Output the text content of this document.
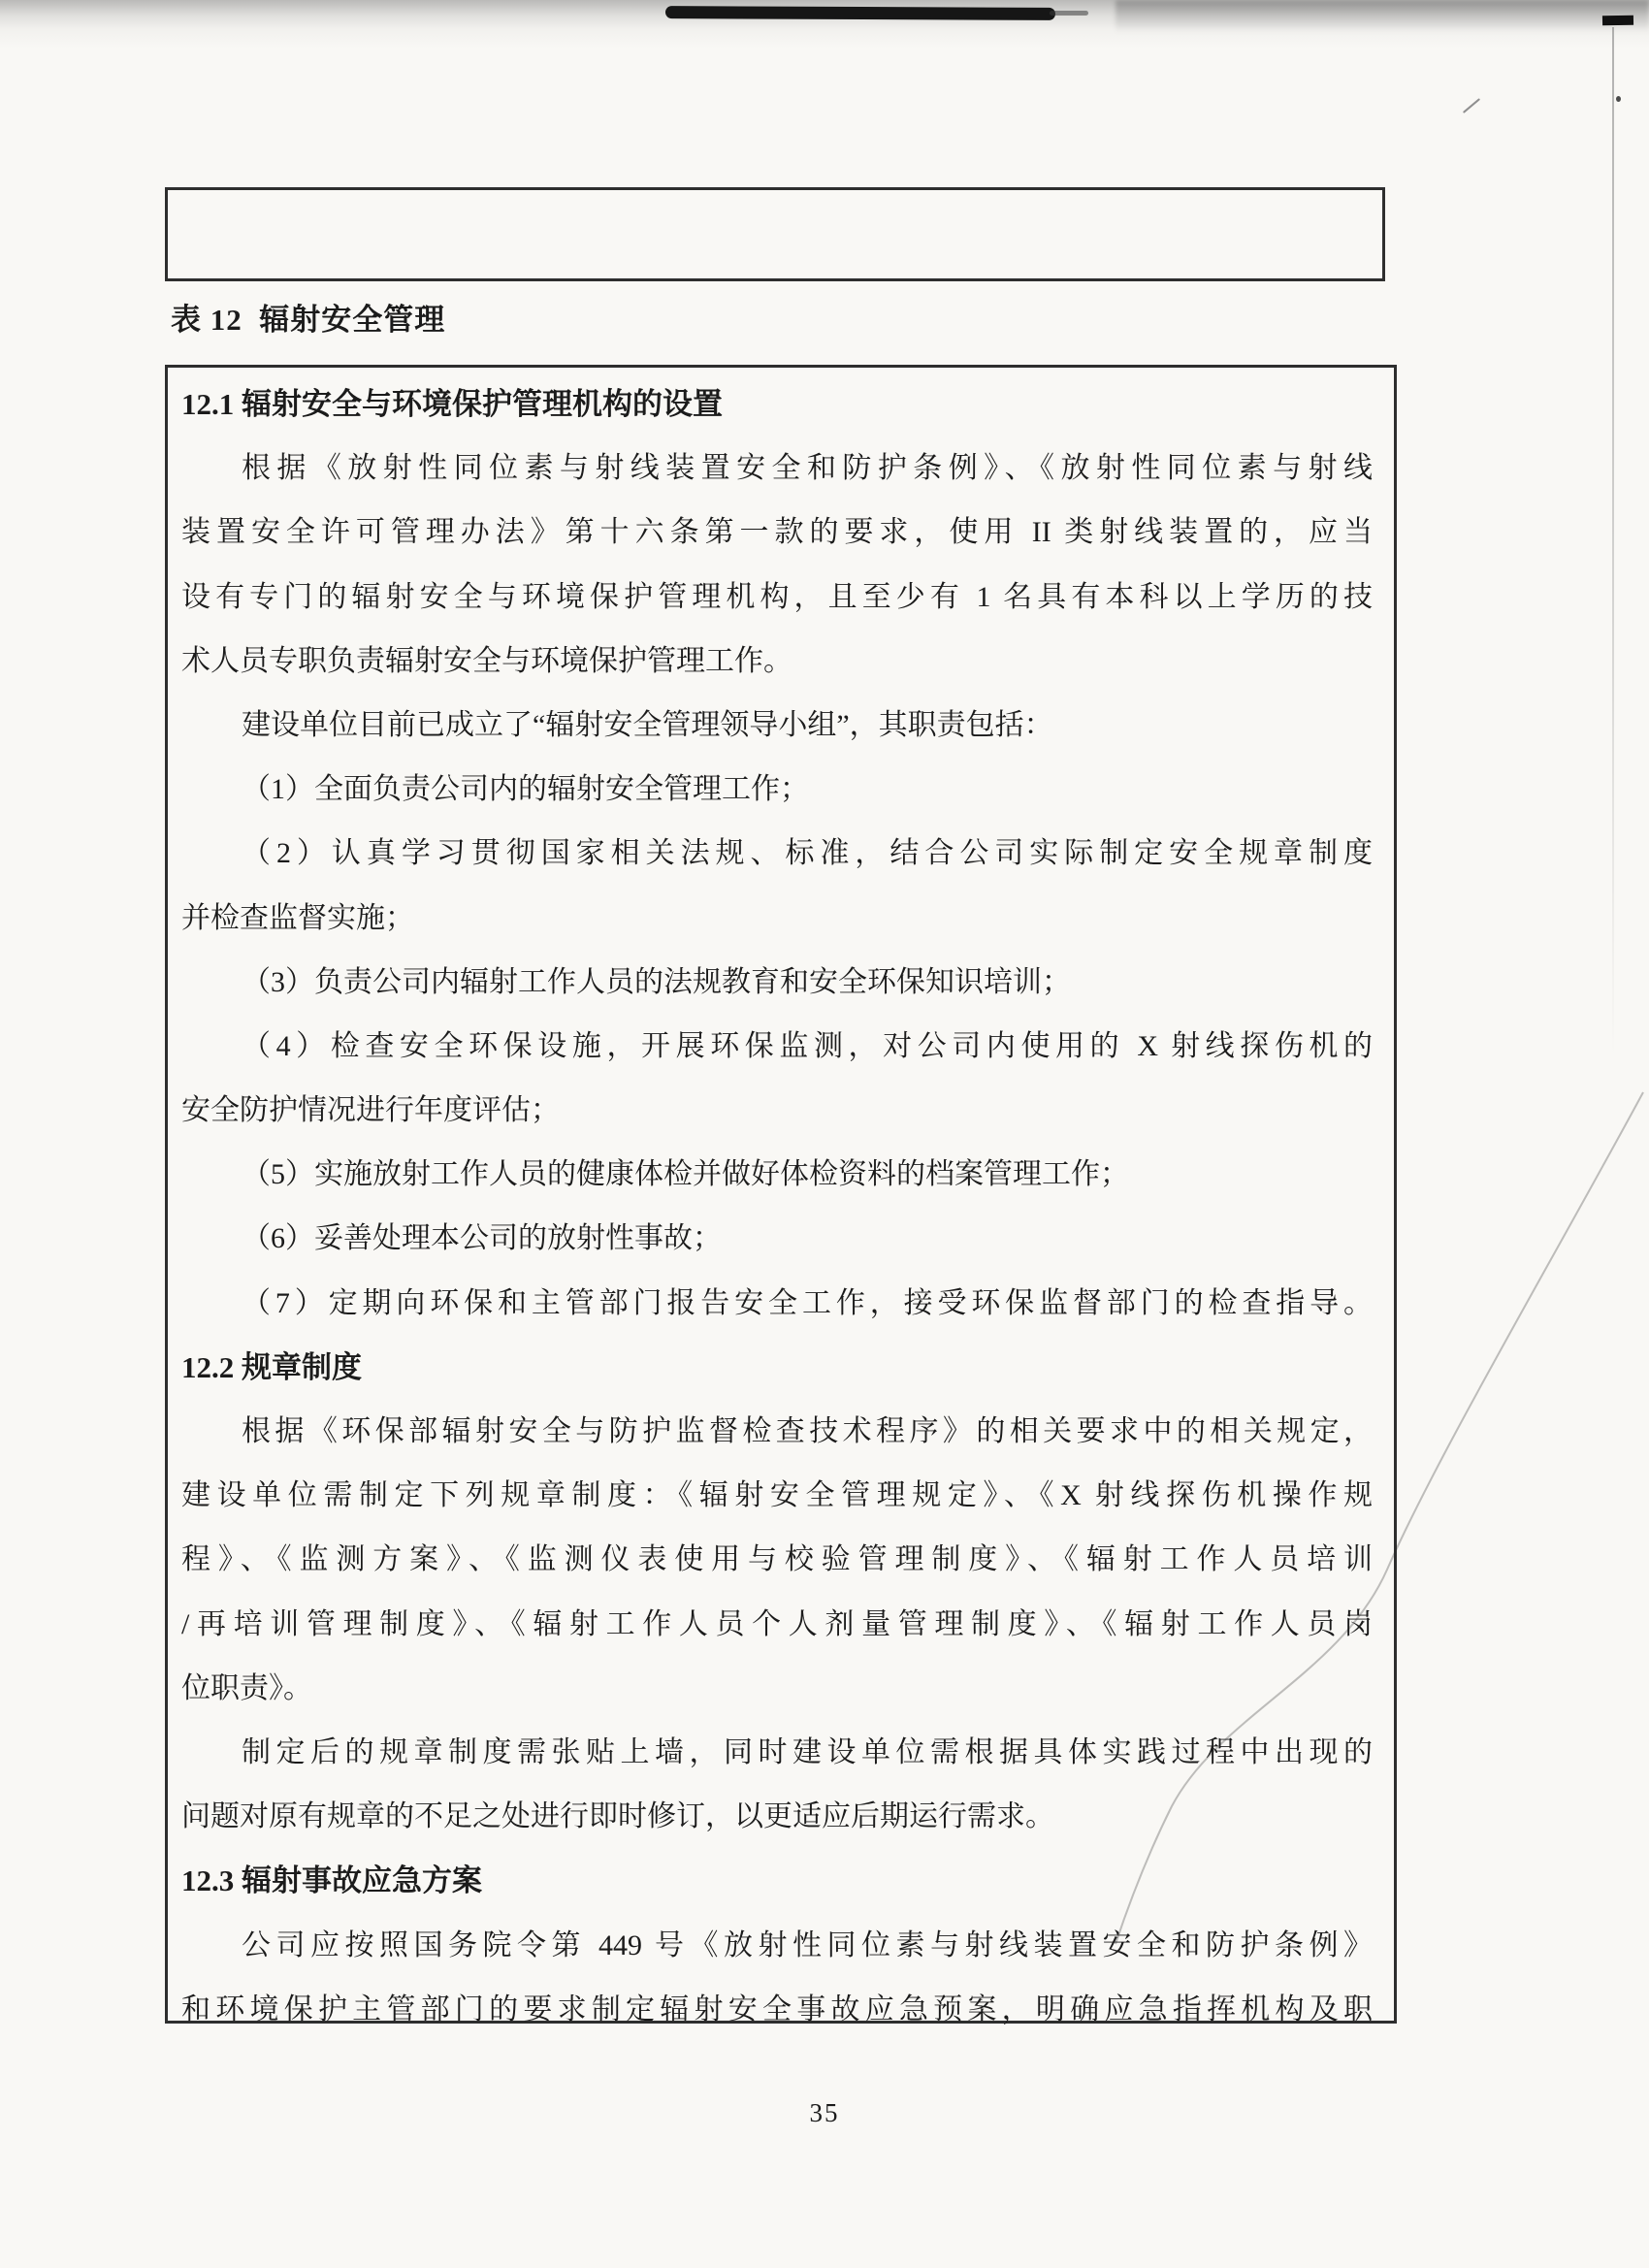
表 12  辐射安全管理
12.1 辐射安全与环境保护管理机构的设置
根据《放射性同位素与射线装置安全和防护条例》、《放射性同位素与射线
装置安全许可管理办法》第十六条第一款的要求，使用 II 类射线装置的，应当
设有专门的辐射安全与环境保护管理机构，且至少有 1 名具有本科以上学历的技
术人员专职负责辐射安全与环境保护管理工作。
建设单位目前已成立了“辐射安全管理领导小组”，其职责包括：
（1）全面负责公司内的辐射安全管理工作；
（2）认真学习贯彻国家相关法规、标准，结合公司实际制定安全规章制度
并检查监督实施；
（3）负责公司内辐射工作人员的法规教育和安全环保知识培训；
（4）检查安全环保设施，开展环保监测，对公司内使用的 X 射线探伤机的
安全防护情况进行年度评估；
（5）实施放射工作人员的健康体检并做好体检资料的档案管理工作；
（6）妥善处理本公司的放射性事故；
（7）定期向环保和主管部门报告安全工作，接受环保监督部门的检查指导。
12.2 规章制度
根据《环保部辐射安全与防护监督检查技术程序》的相关要求中的相关规定，
建设单位需制定下列规章制度：《辐射安全管理规定》、《X 射线探伤机操作规
程》、《监测方案》、《监测仪表使用与校验管理制度》、《辐射工作人员培训
/再培训管理制度》、《辐射工作人员个人剂量管理制度》、《辐射工作人员岗
位职责》。
制定后的规章制度需张贴上墙，同时建设单位需根据具体实践过程中出现的
问题对原有规章的不足之处进行即时修订，以更适应后期运行需求。
12.3 辐射事故应急方案
公司应按照国务院令第 449 号《放射性同位素与射线装置安全和防护条例》
和环境保护主管部门的要求制定辐射安全事故应急预案，明确应急指挥机构及职
35
